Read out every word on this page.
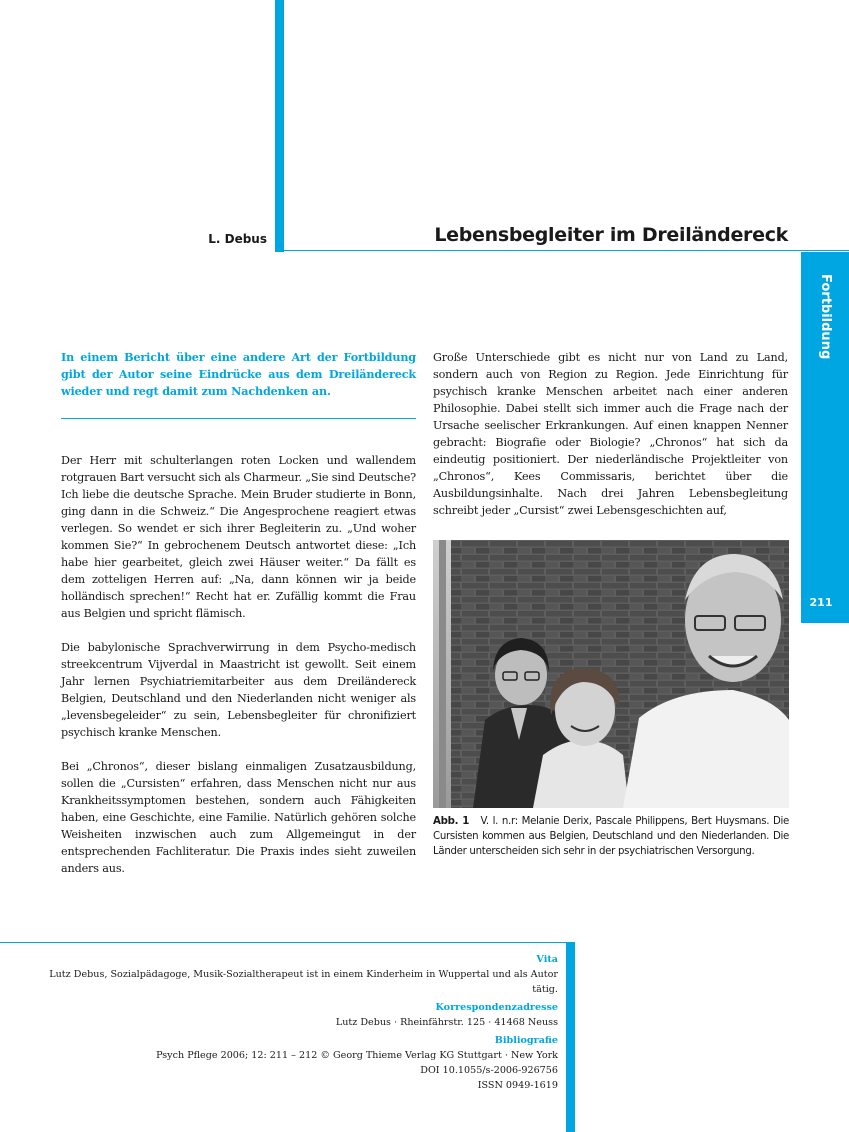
L. Debus	Lebensbegleiter im Dreiländereck
Fortbildung
211
In einem Bericht über eine andere Art der Fortbildung gibt der Autor seine Eindrücke aus dem Dreiländereck wieder und regt damit zum Nachdenken an.

Der Herr mit schulterlangen roten Locken und wallendem rotgrauen Bart versucht sich als Charmeur. „Sie sind Deutsche? Ich liebe die deutsche Sprache. Mein Bruder studierte in Bonn, ging dann in die Schweiz.“ Die Angesprochene reagiert etwas verlegen. So wendet er sich ihrer Begleiterin zu. „Und woher kommen Sie?“ In gebrochenem Deutsch antwortet diese: „Ich habe hier gearbeitet, gleich zwei Häuser weiter.“ Da fällt es dem zotteligen Herren auf: „Na, dann können wir ja beide holländisch sprechen!“ Recht hat er. Zufällig kommt die Frau aus Belgien und spricht flämisch.

Die babylonische Sprachverwirrung in dem Psycho-medisch streekcentrum Vijverdal in Maastricht ist gewollt. Seit einem Jahr lernen Psychiatriemitarbeiter aus dem Dreiländereck Belgien, Deutschland und den Niederlanden nicht weniger als „levensbegeleider“ zu sein, Lebensbegleiter für chronifiziert psychisch kranke Menschen.

Bei „Chronos“, dieser bislang einmaligen Zusatzausbildung, sollen die „Cursisten“ erfahren, dass Menschen nicht nur aus Krankheitssymptomen bestehen, sondern auch Fähigkeiten haben, eine Geschichte, eine Familie. Natürlich gehören solche Weisheiten inzwischen auch zum Allgemeingut in der entsprechenden Fachliteratur. Die Praxis indes sieht zuweilen anders aus.

Große Unterschiede gibt es nicht nur von Land zu Land, sondern auch von Region zu Region. Jede Einrichtung für psychisch kranke Menschen arbeitet nach einer anderen Philosophie. Dabei stellt sich immer auch die Frage nach der Ursache seelischer Erkrankungen. Auf einen knappen Nenner gebracht: Biografie oder Biologie? „Chronos“ hat sich da eindeutig positioniert. Der niederländische Projektleiter von „Chronos“, Kees Commissaris, berichtet über die Ausbildungsinhalte. Nach drei Jahren Lebensbegleitung schreibt jeder „Cursist“ zwei Lebensgeschichten auf,

Abb. 1 V. l. n.r: Melanie Derix, Pascale Philippens, Bert Huysmans. Die Cursisten kommen aus Belgien, Deutschland und den Niederlanden. Die Länder unterscheiden sich sehr in der psychiatrischen Versorgung.
Vita
Lutz Debus, Sozialpädagoge, Musik-Sozialtherapeut ist in einem Kinderheim in Wuppertal und als Autor tätig.
Korrespondenzadresse
Lutz Debus · Rheinfährstr. 125 · 41468 Neuss
Bibliografie
Psych Pflege 2006; 12: 211 – 212 © Georg Thieme Verlag KG Stuttgart · New York
DOI 10.1055/s-2006-926756
ISSN 0949-1619
